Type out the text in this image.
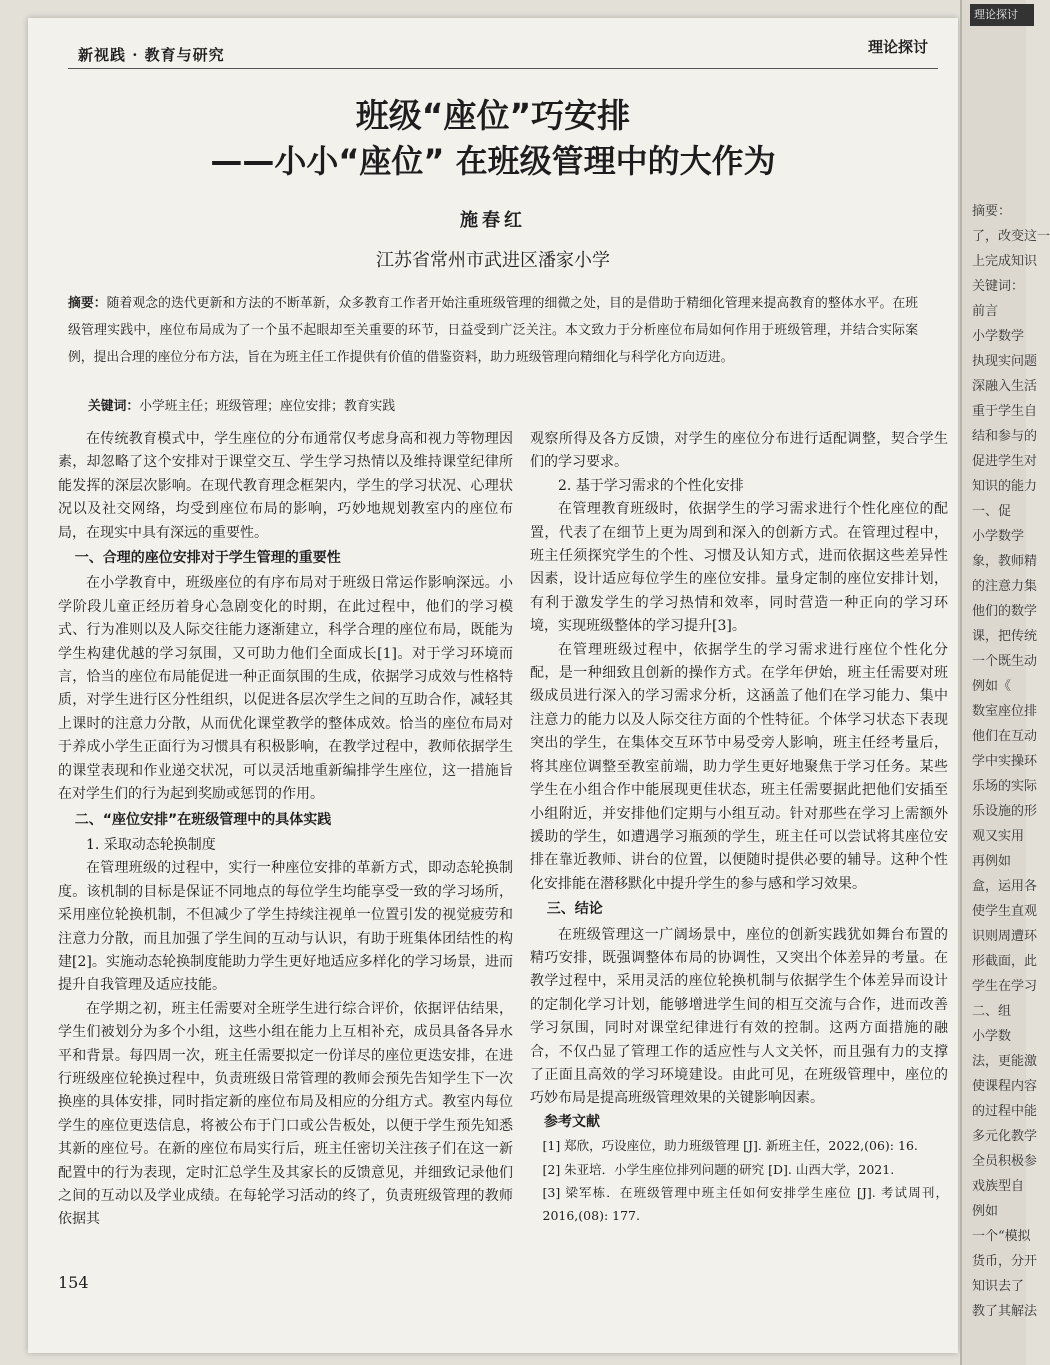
新视践 · 教育与研究	理论探讨
班级“座位”巧安排
——小小“座位” 在班级管理中的大作为
施春红
江苏省常州市武进区潘家小学
摘要：随着观念的迭代更新和方法的不断革新，众多教育工作者开始注重班级管理的细微之处，目的是借助于精细化管理来提高教育的整体水平。在班级管理实践中，座位布局成为了一个虽不起眼却至关重要的环节，日益受到广泛关注。本文致力于分析座位布局如何作用于班级管理，并结合实际案例，提出合理的座位分布方法，旨在为班主任工作提供有价值的借鉴资料，助力班级管理向精细化与科学化方向迈进。
关键词：小学班主任；班级管理；座位安排；教育实践

在传统教育模式中，学生座位的分布通常仅考虑身高和视力等物理因素，却忽略了这个安排对于课堂交互、学生学习热情以及维持课堂纪律所能发挥的深层次影响。在现代教育理念框架内，学生的学习状况、心理状况以及社交网络，均受到座位布局的影响，巧妙地规划教室内的座位布局，在现实中具有深远的重要性。

一、合理的座位安排对于学生管理的重要性

在小学教育中，班级座位的有序布局对于班级日常运作影响深远。小学阶段儿童正经历着身心急剧变化的时期，在此过程中，他们的学习模式、行为准则以及人际交往能力逐渐建立，科学合理的座位布局，既能为学生构建优越的学习氛围，又可助力他们全面成长[1]。对于学习环境而言，恰当的座位布局能促进一种正面氛围的生成，依据学习成效与性格特质，对学生进行区分性组织，以促进各层次学生之间的互助合作，减轻其上课时的注意力分散，从而优化课堂教学的整体成效。恰当的座位布局对于养成小学生正面行为习惯具有积极影响，在教学过程中，教师依据学生的课堂表现和作业递交状况，可以灵活地重新编排学生座位，这一措施旨在对学生们的行为起到奖励或惩罚的作用。

二、“座位安排”在班级管理中的具体实践

1. 采取动态轮换制度

在管理班级的过程中，实行一种座位安排的革新方式，即动态轮换制度。该机制的目标是保证不同地点的每位学生均能享受一致的学习场所，采用座位轮换机制，不但减少了学生持续注视单一位置引发的视觉疲劳和注意力分散，而且加强了学生间的互动与认识，有助于班集体团结性的构建[2]。实施动态轮换制度能助力学生更好地适应多样化的学习场景，进而提升自我管理及适应技能。

在学期之初，班主任需要对全班学生进行综合评价，依据评估结果，学生们被划分为多个小组，这些小组在能力上互相补充，成员具备各异水平和背景。每四周一次，班主任需要拟定一份详尽的座位更迭安排，在进行班级座位轮换过程中，负责班级日常管理的教师会预先告知学生下一次换座的具体安排，同时指定新的座位布局及相应的分组方式。教室内每位学生的座位更迭信息，将被公布于门口或公告板处，以便于学生预先知悉其新的座位号。在新的座位布局实行后，班主任密切关注孩子们在这一新配置中的行为表现，定时汇总学生及其家长的反馈意见，并细致记录他们之间的互动以及学业成绩。在每轮学习活动的终了，负责班级管理的教师依据其

观察所得及各方反馈，对学生的座位分布进行适配调整，契合学生们的学习要求。

2. 基于学习需求的个性化安排

在管理教育班级时，依据学生的学习需求进行个性化座位的配置，代表了在细节上更为周到和深入的创新方式。在管理过程中，班主任须探究学生的个性、习惯及认知方式，进而依据这些差异性因素，设计适应每位学生的座位安排。量身定制的座位安排计划，有利于激发学生的学习热情和效率，同时营造一种正向的学习环境，实现班级整体的学习提升[3]。

在管理班级过程中，依据学生的学习需求进行座位个性化分配，是一种细致且创新的操作方式。在学年伊始，班主任需要对班级成员进行深入的学习需求分析，这涵盖了他们在学习能力、集中注意力的能力以及人际交往方面的个性特征。个体学习状态下表现突出的学生，在集体交互环节中易受旁人影响，班主任经考量后，将其座位调整至教室前端，助力学生更好地聚焦于学习任务。某些学生在小组合作中能展现更佳状态，班主任需要据此把他们安插至小组附近，并安排他们定期与小组互动。针对那些在学习上需额外援助的学生，如遭遇学习瓶颈的学生，班主任可以尝试将其座位安排在靠近教师、讲台的位置，以便随时提供必要的辅导。这种个性化安排能在潜移默化中提升学生的参与感和学习效果。

三、结论

在班级管理这一广阔场景中，座位的创新实践犹如舞台布置的精巧安排，既强调整体布局的协调性，又突出个体差异的考量。在教学过程中，采用灵活的座位轮换机制与依据学生个体差异而设计的定制化学习计划，能够增进学生间的相互交流与合作，进而改善学习氛围，同时对课堂纪律进行有效的控制。这两方面措施的融合，不仅凸显了管理工作的适应性与人文关怀，而且强有力的支撑了正面且高效的学习环境建设。由此可见，在班级管理中，座位的巧妙布局是提高班级管理效果的关键影响因素。

参考文献

[1] 郑欣，巧设座位，助力班级管理 [J]. 新班主任，2022,(06): 16.

[2] 朱亚培．小学生座位排列问题的研究 [D]. 山西大学，2021.

[3] 梁军栋．在班级管理中班主任如何安排学生座位 [J]. 考试周刊，2016,(08): 177.

154
理论探讨
摘要：
了，改变这一
上完成知识
关键词：
前言
小学数学
执现实问题
深融入生活
重于学生自
结和参与的
促进学生对
知识的能力
一、促
小学数学
象，教师精
的注意力集
他们的数学
课，把传统
一个既生动
例如《
数室座位排
他们在互动
学中实操环
乐场的实际
乐设施的形
观又实用
再例如
盒，运用各
使学生直观
识则周遭环
形截面，此
学生在学习
二、组
小学数
法，更能激
使课程内容
的过程中能
多元化教学
全员积极参
戏族型自
例如
一个“模拟
货币，分开
知识去了
教了其解法
